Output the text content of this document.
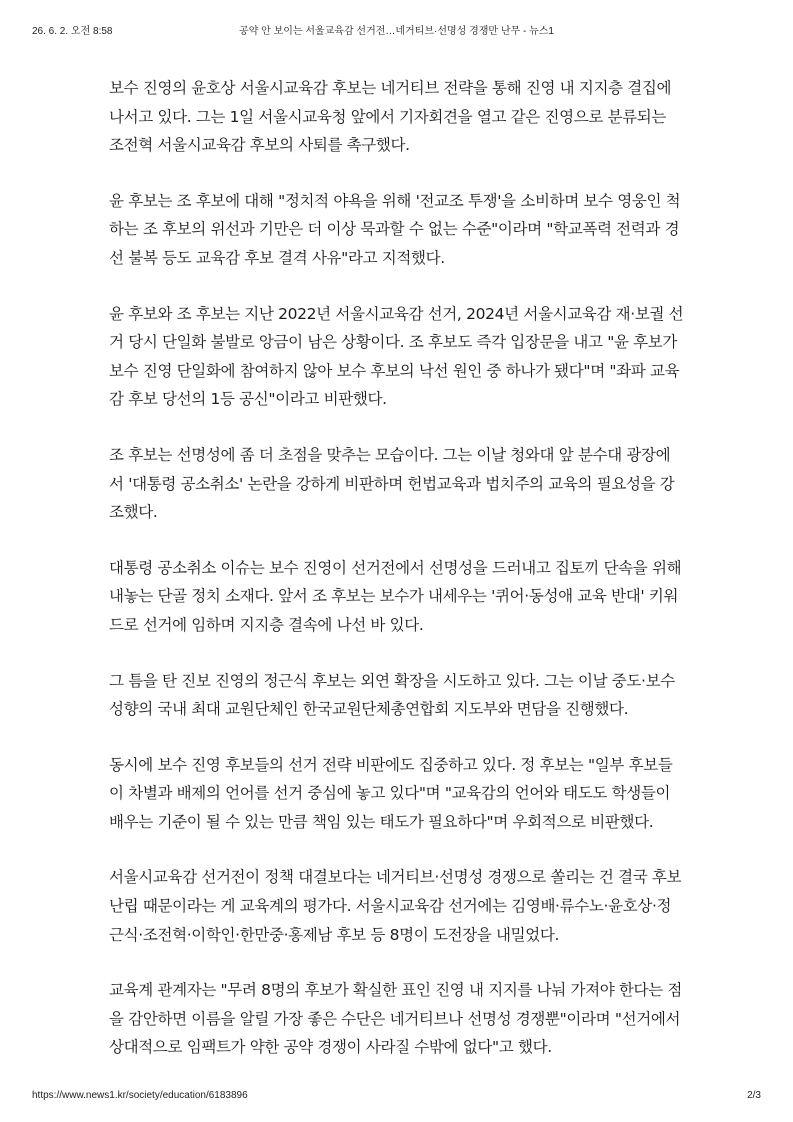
26. 6. 2. 오전 8:58	공약 안 보이는 서울교육감 선거전…네거티브·선명성 경쟁만 난무 - 뉴스1

보수 진영의 윤호상 서울시교육감 후보는 네거티브 전략을 통해 진영 내 지지층 결집에 나서고 있다. 그는 1일 서울시교육청 앞에서 기자회견을 열고 같은 진영으로 분류되는 조전혁 서울시교육감 후보의 사퇴를 촉구했다.

윤 후보는 조 후보에 대해 "정치적 야욕을 위해 '전교조 투쟁'을 소비하며 보수 영웅인 척하는 조 후보의 위선과 기만은 더 이상 묵과할 수 없는 수준"이라며 "학교폭력 전력과 경선 불복 등도 교육감 후보 결격 사유"라고 지적했다.

윤 후보와 조 후보는 지난 2022년 서울시교육감 선거, 2024년 서울시교육감 재·보궐 선거 당시 단일화 불발로 앙금이 남은 상황이다. 조 후보도 즉각 입장문을 내고 "윤 후보가 보수 진영 단일화에 참여하지 않아 보수 후보의 낙선 원인 중 하나가 됐다"며 "좌파 교육감 후보 당선의 1등 공신"이라고 비판했다.

조 후보는 선명성에 좀 더 초점을 맞추는 모습이다. 그는 이날 청와대 앞 분수대 광장에서 '대통령 공소취소' 논란을 강하게 비판하며 헌법교육과 법치주의 교육의 필요성을 강조했다.

대통령 공소취소 이슈는 보수 진영이 선거전에서 선명성을 드러내고 집토끼 단속을 위해 내놓는 단골 정치 소재다. 앞서 조 후보는 보수가 내세우는 '퀴어·동성애 교육 반대' 키워드로 선거에 임하며 지지층 결속에 나선 바 있다.

그 틈을 탄 진보 진영의 정근식 후보는 외연 확장을 시도하고 있다. 그는 이날 중도·보수성향의 국내 최대 교원단체인 한국교원단체총연합회 지도부와 면담을 진행했다.

동시에 보수 진영 후보들의 선거 전략 비판에도 집중하고 있다. 정 후보는 "일부 후보들이 차별과 배제의 언어를 선거 중심에 놓고 있다"며 "교육감의 언어와 태도도 학생들이 배우는 기준이 될 수 있는 만큼 책임 있는 태도가 필요하다"며 우회적으로 비판했다.

서울시교육감 선거전이 정책 대결보다는 네거티브·선명성 경쟁으로 쏠리는 건 결국 후보 난립 때문이라는 게 교육계의 평가다. 서울시교육감 선거에는 김영배·류수노·윤호상·정근식·조전혁·이학인·한만중·홍제남 후보 등 8명이 도전장을 내밀었다.

교육계 관계자는 "무려 8명의 후보가 확실한 표인 진영 내 지지를 나눠 가져야 한다는 점을 감안하면 이름을 알릴 가장 좋은 수단은 네거티브나 선명성 경쟁뿐"이라며 "선거에서 상대적으로 임팩트가 약한 공약 경쟁이 사라질 수밖에 없다"고 했다.

https://www.news1.kr/society/education/6183896	2/3
